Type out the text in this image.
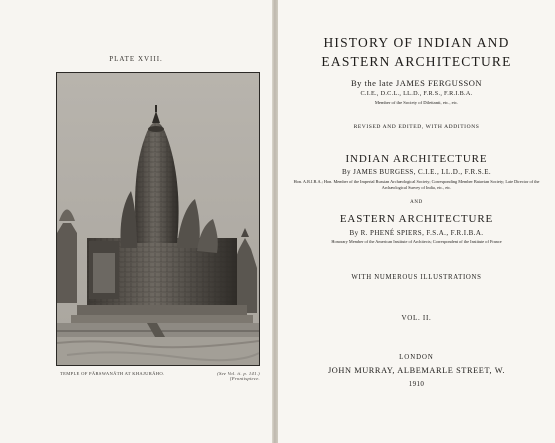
PLATE XVIII.
TEMPLE OF PĀRSWANĀTH AT KHAJURĀHO.	(See Vol. ii. p. 141.)
[Frontispiece.
HISTORY OF INDIAN AND
EASTERN ARCHITECTURE
By the late JAMES FERGUSSON
C.I.E., D.C.L., LL.D., F.R.S., F.R.I.B.A.
Member of the Society of Dilettanti, etc., etc.
REVISED AND EDITED, WITH ADDITIONS
INDIAN ARCHITECTURE
By JAMES BURGESS, C.I.E., LL.D., F.R.S.E.
Hon. A.R.I.B.A.; Hon. Member of the Imperial Russian Archæological Society; Corresponding Member Batavian Society; Late Director of the Archæological Survey of India, etc., etc.
AND
EASTERN ARCHITECTURE
By R. PHENÉ SPIERS, F.S.A., F.R.I.B.A.
Honorary Member of the American Institute of Architects; Correspondent of the Institute of France
WITH NUMEROUS ILLUSTRATIONS
VOL. II.
LONDON
JOHN MURRAY, ALBEMARLE STREET, W.
1910
